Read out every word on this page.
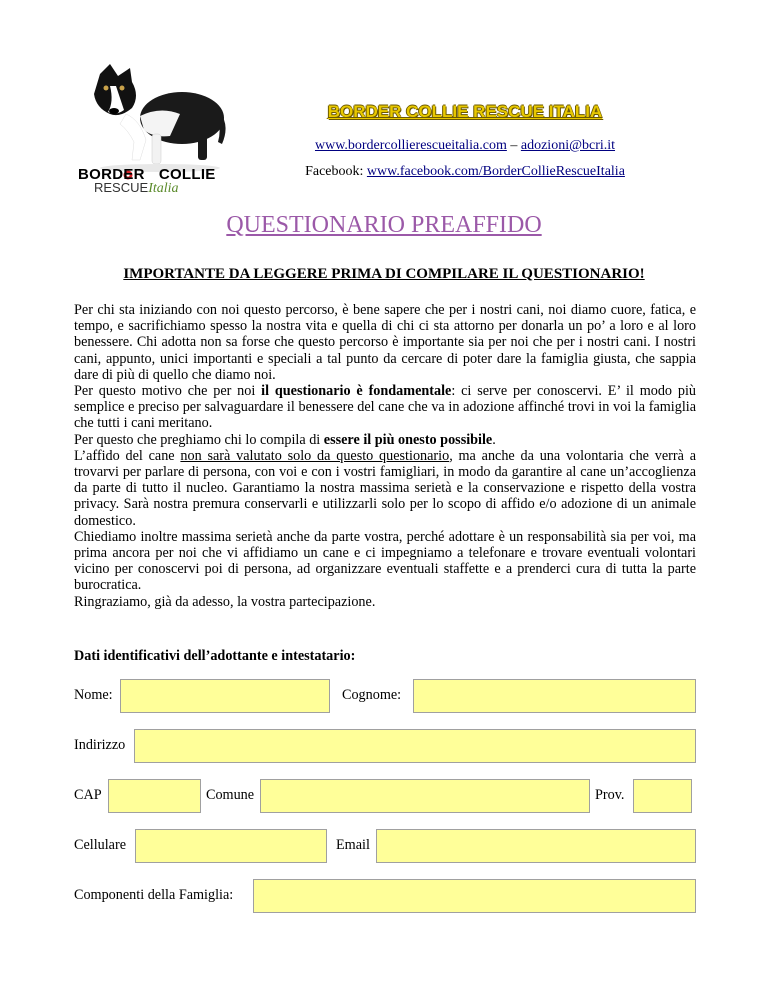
BORDER COLLIE
RESCUEItalia
BORDER COLLIE RESCUE ITALIA
www.bordercollierescueitalia.com – adozioni@bcri.it
Facebook: www.facebook.com/BorderCollieRescueItalia
QUESTIONARIO PREAFFIDO
IMPORTANTE DA LEGGERE PRIMA DI COMPILARE IL QUESTIONARIO!

Per chi sta iniziando con noi questo percorso, è bene sapere che per i nostri cani, noi diamo cuore, fatica, e tempo, e sacrifichiamo spesso la nostra vita e quella di chi ci sta attorno per donarla un po’ a loro e al loro benessere. Chi adotta non sa forse che questo percorso è importante sia per noi che per i nostri cani. I nostri cani, appunto, unici importanti e speciali a tal punto da cercare di poter dare la famiglia giusta, che sappia dare di più di quello che diamo noi.

Per questo motivo che per noi il questionario è fondamentale: ci serve per conoscervi. E’ il modo più semplice e preciso per salvaguardare il benessere del cane che va in adozione affinché trovi in voi la famiglia che tutti i cani meritano.

Per questo che preghiamo chi lo compila di essere il più onesto possibile.

L’affido del cane non sarà valutato solo da questo questionario, ma anche da una volontaria che verrà a trovarvi per parlare di persona, con voi e con i vostri famigliari, in modo da garantire al cane un’accoglienza da parte di tutto il nucleo. Garantiamo la nostra massima serietà e la conservazione e rispetto della vostra privacy. Sarà nostra premura conservarli e utilizzarli solo per lo scopo di affido e/o adozione di un animale domestico.

Chiediamo inoltre massima serietà anche da parte vostra, perché adottare è un responsabilità sia per voi, ma prima ancora per noi che vi affidiamo un cane e ci impegniamo a telefonare e trovare eventuali volontari vicino per conoscervi poi di persona, ad organizzare eventuali staffette e a prenderci cura di tutta la parte burocratica.

Ringraziamo, già da adesso, la vostra partecipazione.

Dati identificativi dell’adottante e intestatario:
Nome:	Cognome:
Indirizzo
CAP	Comune	Prov.
Cellulare	Email
Componenti della Famiglia:
